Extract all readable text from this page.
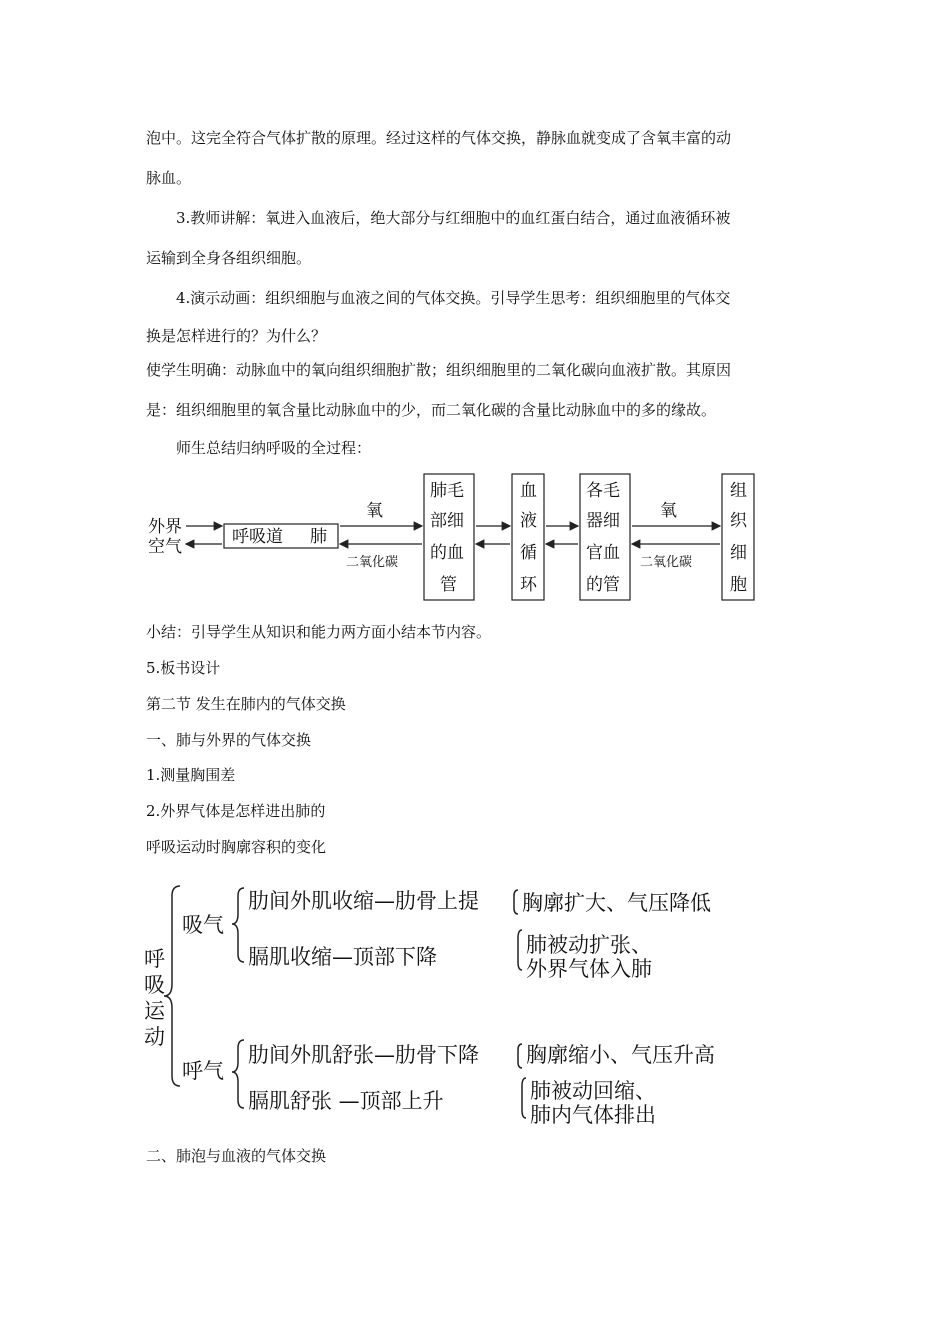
泡中。这完全符合气体扩散的原理。经过这样的气体交换，静脉血就变成了含氧丰富的动
脉血。
3.教师讲解：氧进入血液后，绝大部分与红细胞中的血红蛋白结合，通过血液循环被
运输到全身各组织细胞。
4.演示动画：组织细胞与血液之间的气体交换。引导学生思考：组织细胞里的气体交
换是怎样进行的？为什么？
使学生明确：动脉血中的氧向组织细胞扩散；组织细胞里的二氧化碳向血液扩散。其原因
是：组织细胞里的氧含量比动脉血中的少，而二氧化碳的含量比动脉血中的多的缘故。
师生总结归纳呼吸的全过程：
外界
空气	呼吸道 肺
氧
二氧化碳
肺毛
部细
的血
管
血
液
循
环
各毛
器细
官血
的管
氧
二氧化碳
组
织
细
胞
小结：引导学生从知识和能力两方面小结本节内容。
5.板书设计
第二节 发生在肺内的气体交换
一、肺与外界的气体交换
1.测量胸围差
2.外界气体是怎样进出肺的
呼吸运动时胸廓容积的变化
呼
吸
运
动
吸气
肋间外肌收缩—肋骨上提
膈肌收缩—顶部下降
胸廓扩大、气压降低
肺被动扩张、
外界气体入肺
呼气
肋间外肌舒张—肋骨下降
膈肌舒张 —顶部上升
胸廓缩小、气压升高
肺被动回缩、
肺内气体排出
二、肺泡与血液的气体交换
